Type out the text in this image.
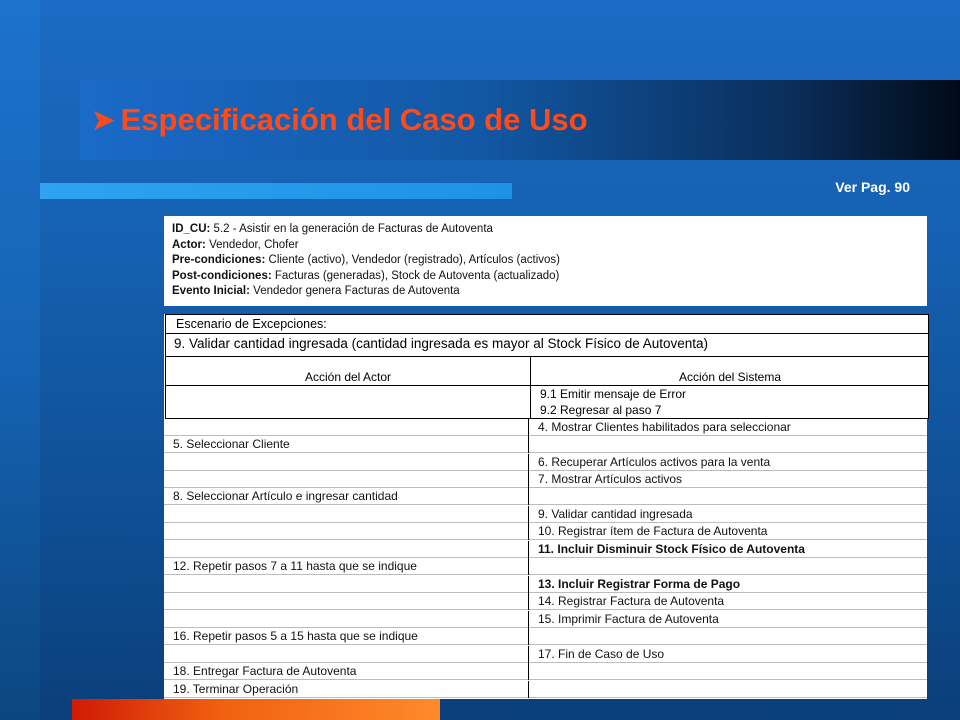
➤ Especificación del Caso de Uso
Ver Pag. 90
ID_CU: 5.2 - Asistir en la generación de Facturas de Autoventa
Actor: Vendedor, Chofer
Pre-condiciones: Cliente (activo), Vendedor (registrado), Artículos (activos)
Post-condiciones: Facturas (generadas), Stock de Autoventa (actualizado)
Evento Inicial: Vendedor genera Facturas de Autoventa
4. Mostrar Clientes habilitados para seleccionar
5. Seleccionar Cliente
6. Recuperar Artículos activos para la venta
7. Mostrar Artículos activos
8. Seleccionar Artículo e ingresar cantidad
9. Validar cantidad ingresada
10. Registrar ítem de Factura de Autoventa
11. Incluir Disminuir Stock Físico de Autoventa
12. Repetir pasos 7 a 11 hasta que se indique
13. Incluir Registrar Forma de Pago
14. Registrar Factura de Autoventa
15. Imprimir Factura de Autoventa
16. Repetir pasos 5 a 15 hasta que se indique
17. Fin de Caso de Uso
18. Entregar Factura de Autoventa
19. Terminar Operación
Escenario de Excepciones:
9. Validar cantidad ingresada (cantidad ingresada es mayor al Stock Físico de Autoventa)
Acción del Actor	Acción del Sistema
9.1 Emitir mensaje de Error
9.2 Regresar al paso 7
